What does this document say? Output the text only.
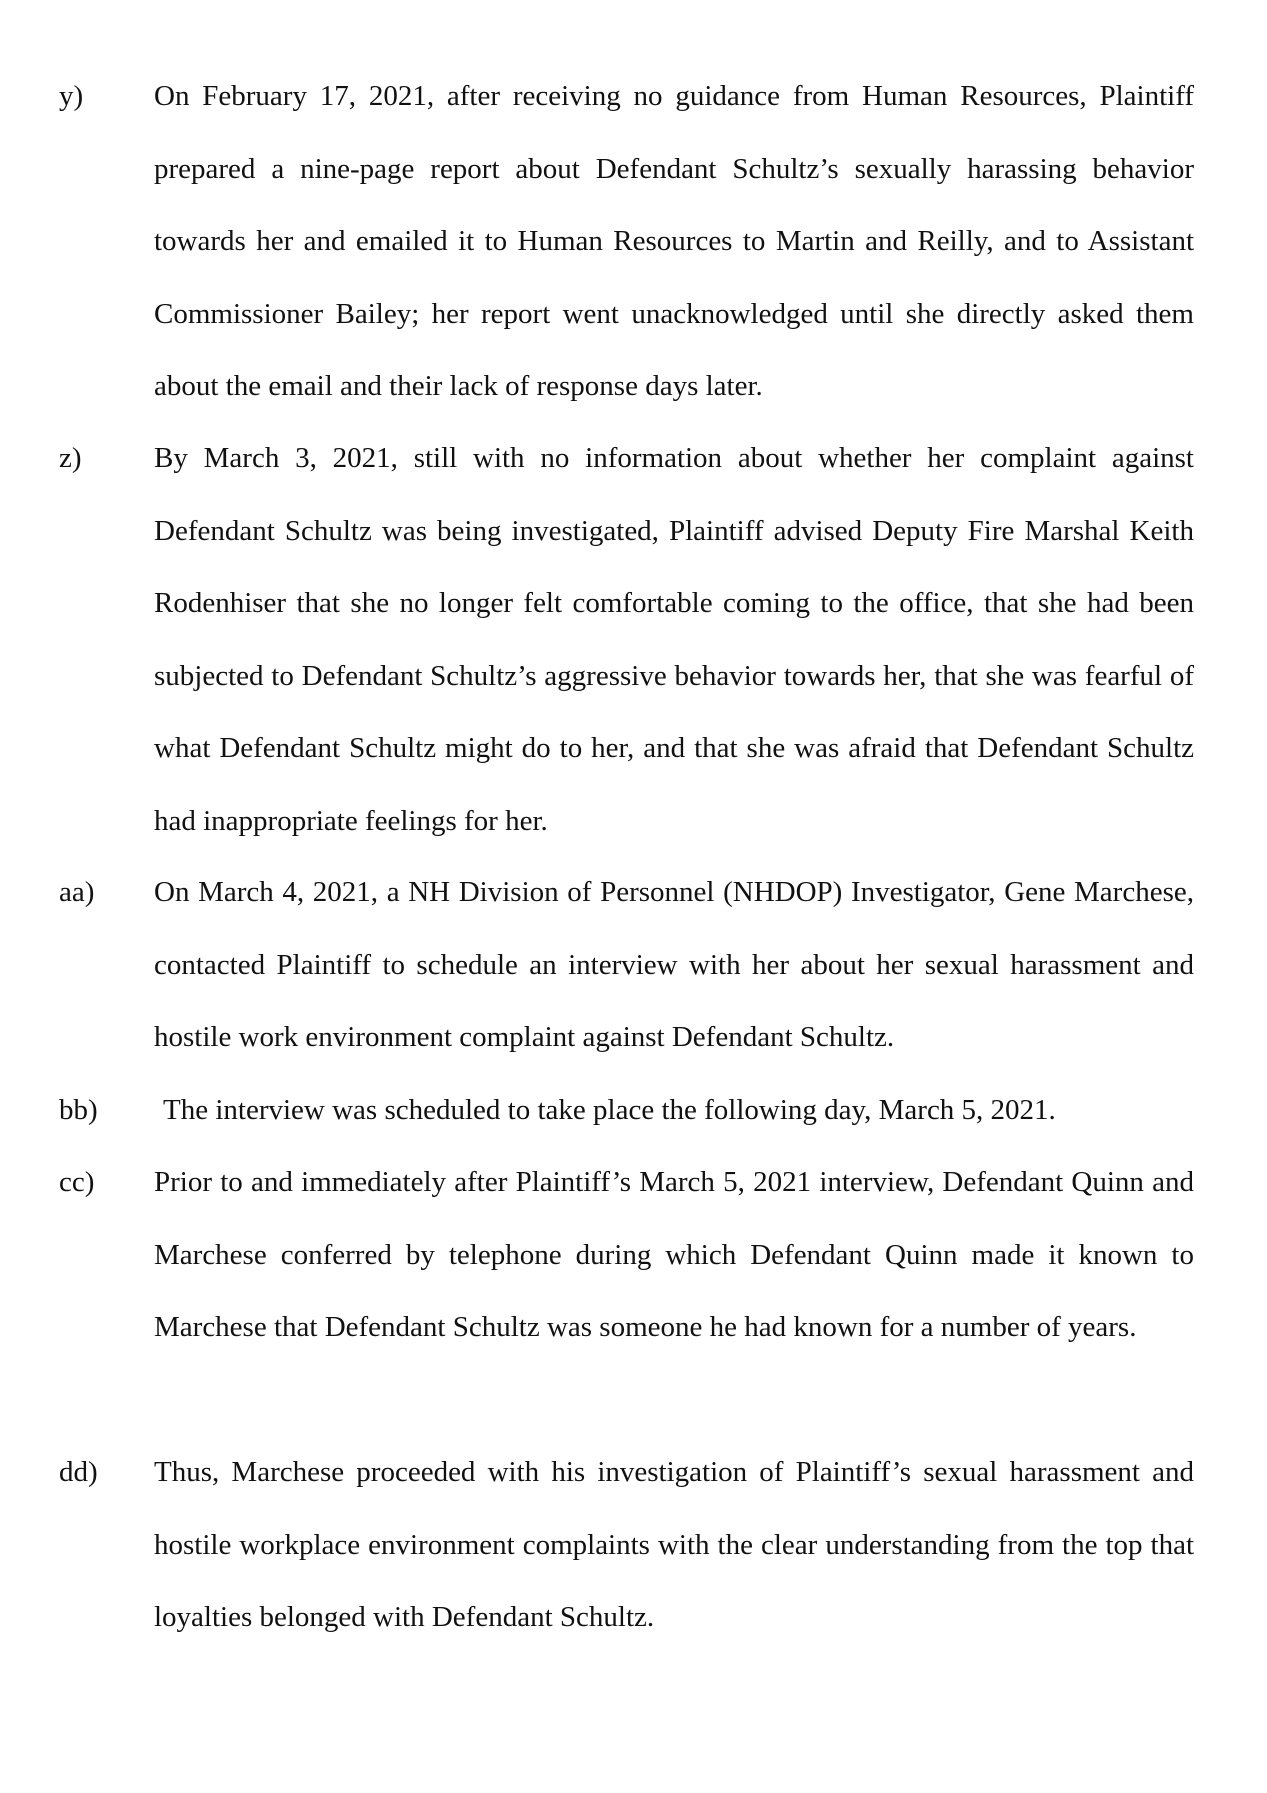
y) On February 17, 2021, after receiving no guidance from Human Resources, Plaintiff prepared a nine-page report about Defendant Schultz’s sexually harassing behavior towards her and emailed it to Human Resources to Martin and Reilly, and to Assistant Commissioner Bailey; her report went unacknowledged until she directly asked them about the email and their lack of response days later.

z) By March 3, 2021, still with no information about whether her complaint against Defendant Schultz was being investigated, Plaintiff advised Deputy Fire Marshal Keith Rodenhiser that she no longer felt comfortable coming to the office, that she had been subjected to Defendant Schultz’s aggressive behavior towards her, that she was fearful of what Defendant Schultz might do to her, and that she was afraid that Defendant Schultz had inappropriate feelings for her.

aa) On March 4, 2021, a NH Division of Personnel (NHDOP) Investigator, Gene Marchese, contacted Plaintiff to schedule an interview with her about her sexual harassment and hostile work environment complaint against Defendant Schultz.

bb) The interview was scheduled to take place the following day, March 5, 2021.

cc) Prior to and immediately after Plaintiff’s March 5, 2021 interview, Defendant Quinn and Marchese conferred by telephone during which Defendant Quinn made it known to Marchese that Defendant Schultz was someone he had known for a number of years.

dd) Thus, Marchese proceeded with his investigation of Plaintiff’s sexual harassment and hostile workplace environment complaints with the clear understanding from the top that loyalties belonged with Defendant Schultz.
